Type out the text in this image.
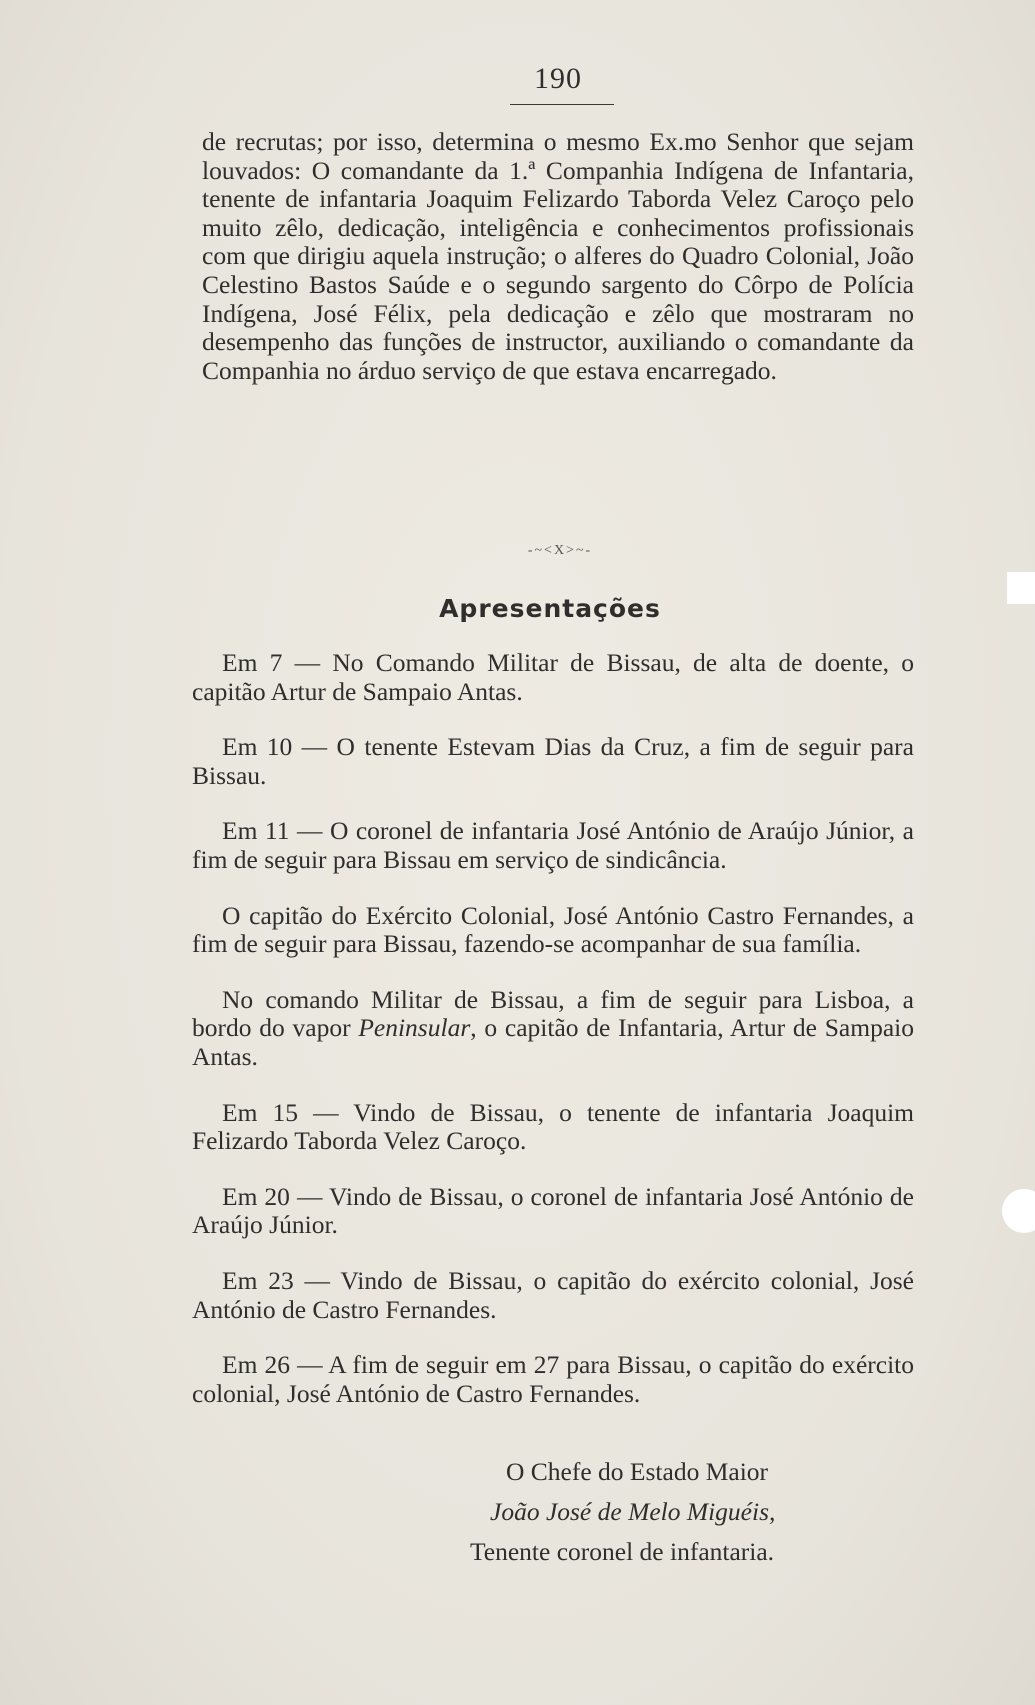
190

de recrutas; por isso, determina o mesmo Ex.mo Senhor que sejam louvados: O comandante da 1.ª Companhia Indígena de Infantaria, tenente de infantaria Joaquim Felizardo Taborda Velez Caroço pelo muito zêlo, dedicação, inteligência e conhecimentos profissionais com que dirigiu aquela instrução; o alferes do Quadro Colonial, João Celestino Bastos Saúde e o segundo sargento do Côrpo de Polícia Indígena, José Félix, pela dedicação e zêlo que mostraram no desempenho das funções de instructor, auxiliando o comandante da Companhia no árduo serviço de que estava encarregado.

-~<X>~-
Apresentações

Em 7 — No Comando Militar de Bissau, de alta de doente, o capitão Artur de Sampaio Antas.

Em 10 — O tenente Estevam Dias da Cruz, a fim de seguir para Bissau.

Em 11 — O coronel de infantaria José António de Araújo Júnior, a fim de seguir para Bissau em serviço de sindicância.

O capitão do Exército Colonial, José António Castro Fernandes, a fim de seguir para Bissau, fazendo-se acompanhar de sua família.

No comando Militar de Bissau, a fim de seguir para Lisboa, a bordo do vapor Peninsular, o capitão de Infantaria, Artur de Sampaio Antas.

Em 15 — Vindo de Bissau, o tenente de infantaria Joaquim Felizardo Taborda Velez Caroço.

Em 20 — Vindo de Bissau, o coronel de infantaria José António de Araújo Júnior.

Em 23 — Vindo de Bissau, o capitão do exército colonial, José António de Castro Fernandes.

Em 26 — A fim de seguir em 27 para Bissau, o capitão do exército colonial, José António de Castro Fernandes.

O Chefe do Estado Maior
João José de Melo Miguéis,
Tenente coronel de infantaria.
